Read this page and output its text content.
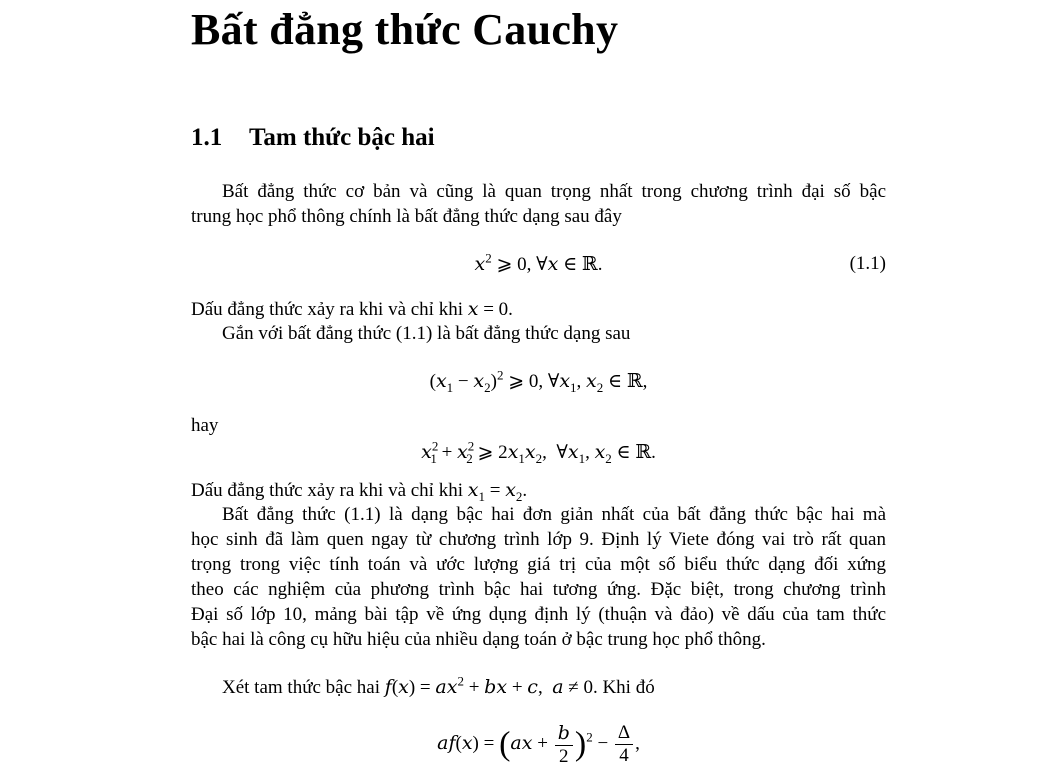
Bất đẳng thức Cauchy
1.1 Tam thức bậc hai
Bất đẳng thức cơ bản và cũng là quan trọng nhất trong chương trình đại số bậc
trung học phổ thông chính là bất đẳng thức dạng sau đây
$x^2$ ⩾ 0, ∀x ∈ ℝ.	(1.1)
Dấu đẳng thức xảy ra khi và chỉ khi x = 0.
Gắn với bất đẳng thức (1.1) là bất đẳng thức dạng sau
$(x_1 - x_2)^2$ ⩾ 0, $\forall x_1$, $x_2$ ∈ ℝ,
hay
$x^2_1 + x^2_2$ ⩾ $2x_1x_2$,  $\forall x_1$, $x_2$ ∈ ℝ.
Dấu đẳng thức xảy ra khi và chỉ khi $x_1 = x_2$.
Bất đẳng thức (1.1) là dạng bậc hai đơn giản nhất của bất đẳng thức bậc hai mà
học sinh đã làm quen ngay từ chương trình lớp 9. Định lý Viete đóng vai trò rất quan
trọng trong việc tính toán và ước lượng giá trị của một số biểu thức dạng đối xứng
theo các nghiệm của phương trình bậc hai tương ứng. Đặc biệt, trong chương trình
Đại số lớp 10, mảng bài tập về ứng dụng định lý (thuận và đảo) về dấu của tam thức
bậc hai là công cụ hữu hiệu của nhiều dạng toán ở bậc trung học phổ thông.
Xét tam thức bậc hai $f(x) = ax^2$ + bx + c,  a ≠ 0. Khi đó
$af(x) = (ax + \frac{b}{2} )^2 - \frac{\Delta}{4}$ ,
